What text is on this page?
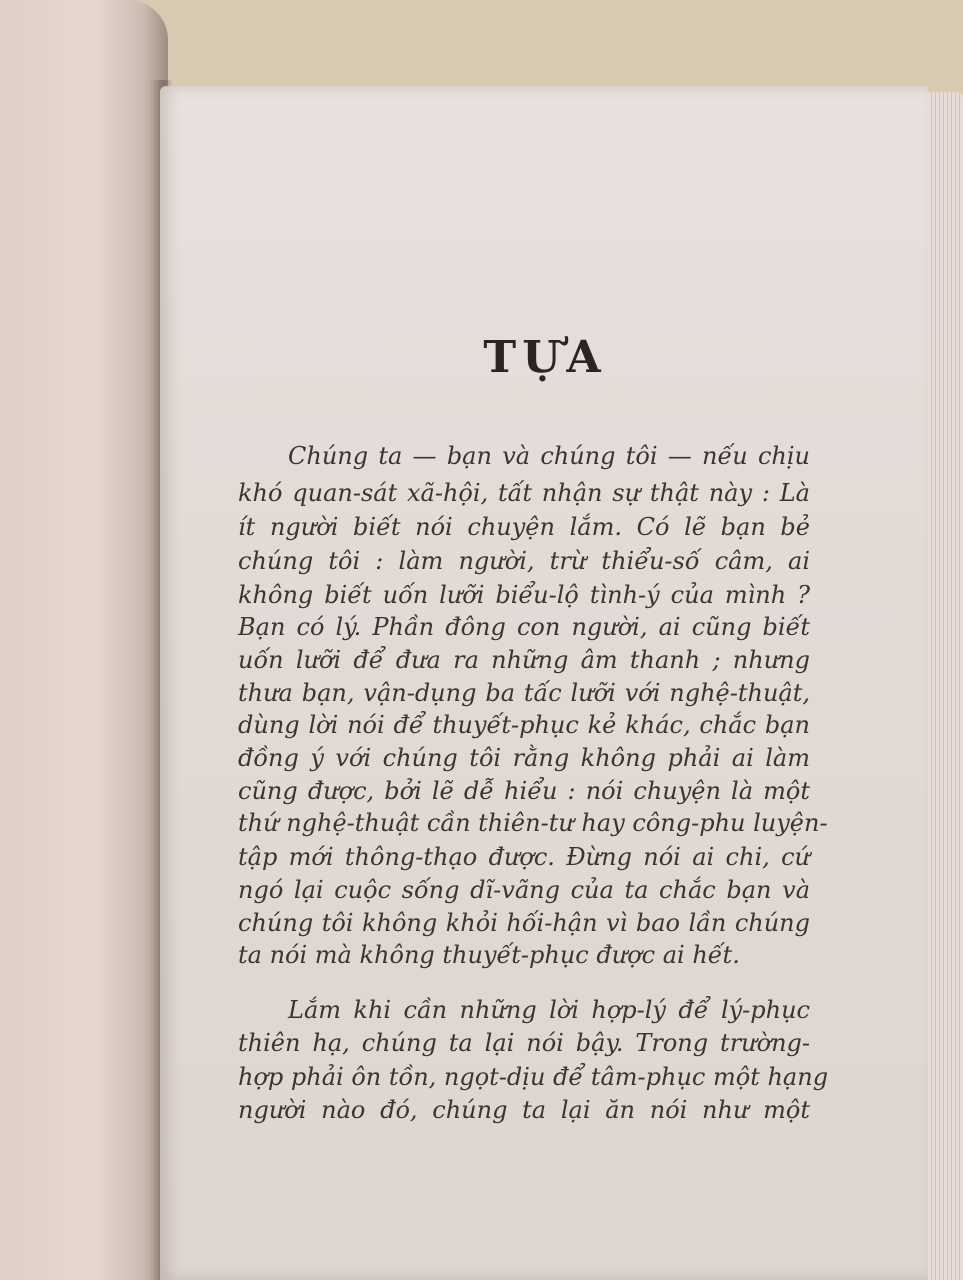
TỰA
Chúng ta — bạn và chúng tôi — nếu chịu
khó quan-sát xã-hội, tất nhận sự thật này : Là
ít người biết nói chuyện lắm. Có lẽ bạn bẻ
chúng tôi : làm người, trừ thiểu-số câm, ai
không biết uốn lưỡi biểu-lộ tình-ý của mình ?
Bạn có lý. Phần đông con người, ai cũng biết
uốn lưỡi để đưa ra những âm thanh ; nhưng
thưa bạn, vận-dụng ba tấc lưỡi với nghệ-thuật,
dùng lời nói để thuyết-phục kẻ khác, chắc bạn
đồng ý với chúng tôi rằng không phải ai làm
cũng được, bởi lẽ dễ hiểu : nói chuyện là một
thứ nghệ-thuật cần thiên-tư hay công-phu luyện-
tập mới thông-thạo được. Đừng nói ai chi, cứ
ngó lại cuộc sống dĩ-vãng của ta chắc bạn và
chúng tôi không khỏi hối-hận vì bao lần chúng
ta nói mà không thuyết-phục được ai hết.
Lắm khi cần những lời hợp-lý để lý-phục
thiên hạ, chúng ta lại nói bậy. Trong trường-
hợp phải ôn tồn, ngọt-dịu để tâm-phục một hạng
người nào đó, chúng ta lại ăn nói như một
